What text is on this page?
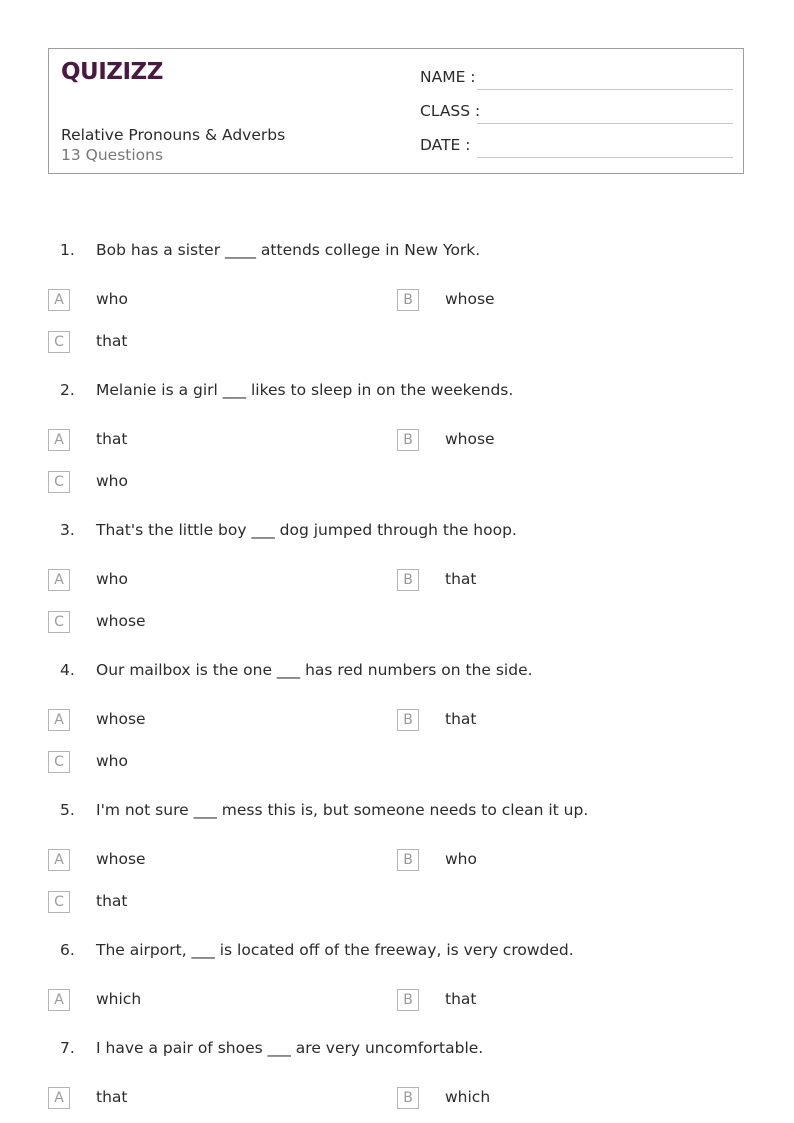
QUIZIZZ
Relative Pronouns & Adverbs
13 Questions
NAME :
CLASS :
DATE :
1. Bob has a sister ____ attends college in New York.
A	who	B	whose
C	that
2. Melanie is a girl ___ likes to sleep in on the weekends.
A	that	B	whose
C	who
3. That's the little boy ___ dog jumped through the hoop.
A	who	B	that
C	whose
4. Our mailbox is the one ___ has red numbers on the side.
A	whose	B	that
C	who
5. I'm not sure ___ mess this is, but someone needs to clean it up.
A	whose	B	who
C	that
6. The airport, ___ is located off of the freeway, is very crowded.
A	which	B	that
7. I have a pair of shoes ___ are very uncomfortable.
A	that	B	which
